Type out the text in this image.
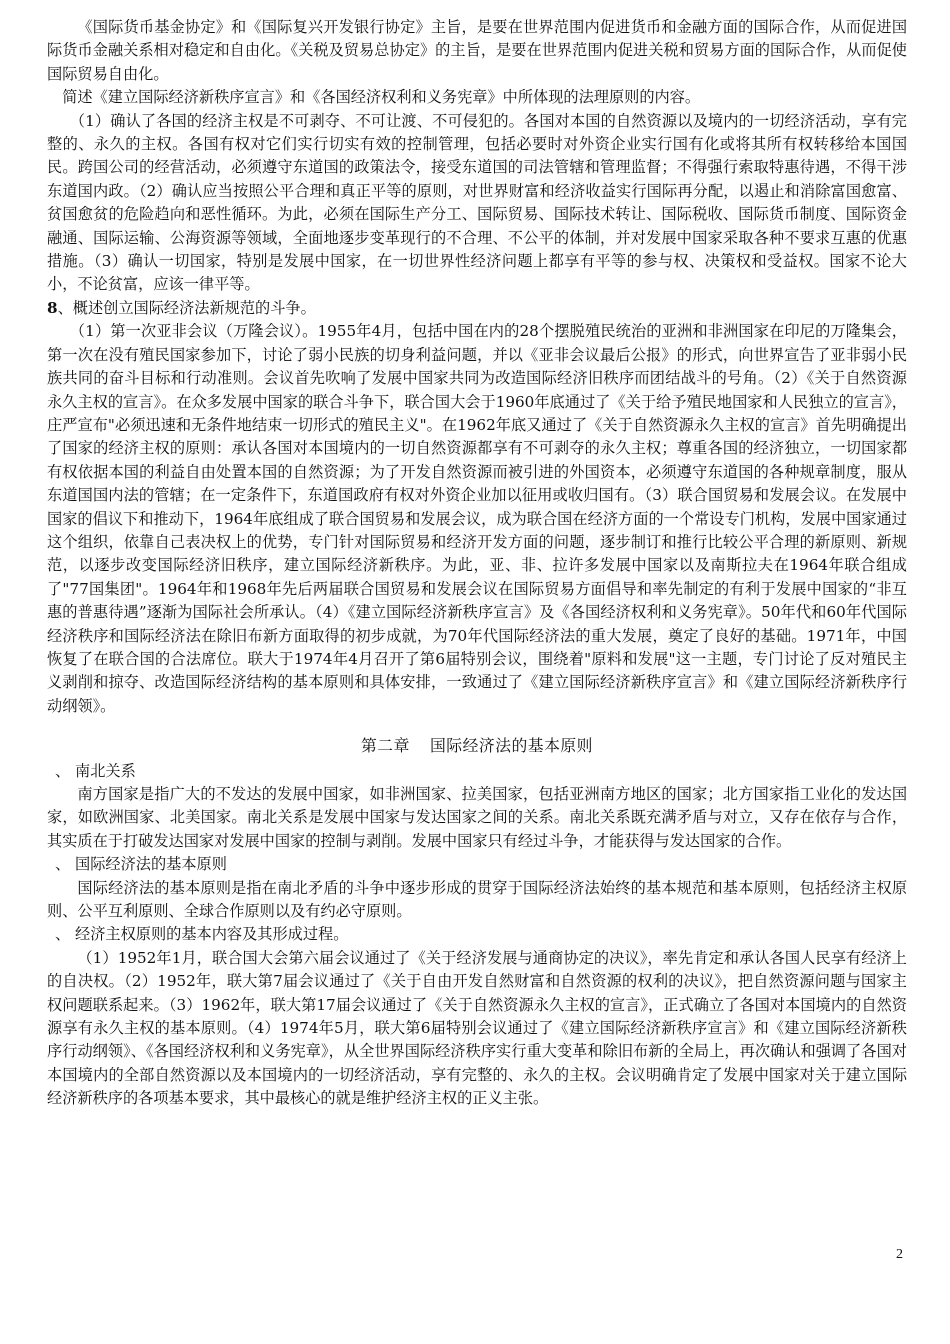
《国际货币基金协定》和《国际复兴开发银行协定》主旨，是要在世界范围内促进货币和金融方面的国际合作，从而促进国际货币金融关系相对稳定和自由化。《关税及贸易总协定》的主旨，是要在世界范围内促进关税和贸易方面的国际合作，从而促使国际贸易自由化。

简述《建立国际经济新秩序宣言》和《各国经济权利和义务宪章》中所体现的法理原则的内容。

（1）确认了各国的经济主权是不可剥夺、不可让渡、不可侵犯的。各国对本国的自然资源以及境内的一切经济活动，享有完整的、永久的主权。各国有权对它们实行切实有效的控制管理，包括必要时对外资企业实行国有化或将其所有权转移给本国国民。跨国公司的经营活动，必须遵守东道国的政策法令，接受东道国的司法管辖和管理监督；不得强行索取特惠待遇，不得干涉东道国内政。（2）确认应当按照公平合理和真正平等的原则，对世界财富和经济收益实行国际再分配，以遏止和消除富国愈富、贫国愈贫的危险趋向和恶性循环。为此，必须在国际生产分工、国际贸易、国际技术转让、国际税收、国际货币制度、国际资金融通、国际运输、公海资源等领域，全面地逐步变革现行的不合理、不公平的体制，并对发展中国家采取各种不要求互惠的优惠措施。（3）确认一切国家，特别是发展中国家，在一切世界性经济问题上都享有平等的参与权、决策权和受益权。国家不论大小，不论贫富，应该一律平等。

8、概述创立国际经济法新规范的斗争。

（1）第一次亚非会议（万隆会议）。1955年4月，包括中国在内的28个摆脱殖民统治的亚洲和非洲国家在印尼的万隆集会，第一次在没有殖民国家参加下，讨论了弱小民族的切身利益问题，并以《亚非会议最后公报》的形式，向世界宣告了亚非弱小民族共同的奋斗目标和行动准则。会议首先吹响了发展中国家共同为改造国际经济旧秩序而团结战斗的号角。（2）《关于自然资源永久主权的宣言》。在众多发展中国家的联合斗争下，联合国大会于1960年底通过了《关于给予殖民地国家和人民独立的宣言》，庄严宣布"必须迅速和无条件地结束一切形式的殖民主义"。在1962年底又通过了《关于自然资源永久主权的宣言》首先明确提出了国家的经济主权的原则：承认各国对本国境内的一切自然资源都享有不可剥夺的永久主权；尊重各国的经济独立，一切国家都有权依据本国的利益自由处置本国的自然资源；为了开发自然资源而被引进的外国资本，必须遵守东道国的各种规章制度，服从东道国国内法的管辖；在一定条件下，东道国政府有权对外资企业加以征用或收归国有。（3）联合国贸易和发展会议。在发展中国家的倡议下和推动下，1964年底组成了联合国贸易和发展会议，成为联合国在经济方面的一个常设专门机构，发展中国家通过这个组织，依靠自己表决权上的优势，专门针对国际贸易和经济开发方面的问题，逐步制订和推行比较公平合理的新原则、新规范，以逐步改变国际经济旧秩序，建立国际经济新秩序。为此，亚、非、拉许多发展中国家以及南斯拉夫在1964年联合组成了"77国集团"。1964年和1968年先后两届联合国贸易和发展会议在国际贸易方面倡导和率先制定的有利于发展中国家的“非互惠的普惠待遇”逐渐为国际社会所承认。（4）《建立国际经济新秩序宣言》及《各国经济权利和义务宪章》。50年代和60年代国际经济秩序和国际经济法在除旧布新方面取得的初步成就，为70年代国际经济法的重大发展，奠定了良好的基础。1971年，中国恢复了在联合国的合法席位。联大于1974年4月召开了第6届特别会议，围绕着"原料和发展"这一主题，专门讨论了反对殖民主义剥削和掠夺、改造国际经济结构的基本原则和具体安排，一致通过了《建立国际经济新秩序宣言》和《建立国际经济新秩序行动纲领》。

第二章 国际经济法的基本原则

、 南北关系

南方国家是指广大的不发达的发展中国家，如非洲国家、拉美国家，包括亚洲南方地区的国家；北方国家指工业化的发达国家，如欧洲国家、北美国家。南北关系是发展中国家与发达国家之间的关系。南北关系既充满矛盾与对立，又存在依存与合作，其实质在于打破发达国家对发展中国家的控制与剥削。发展中国家只有经过斗争，才能获得与发达国家的合作。

、 国际经济法的基本原则

国际经济法的基本原则是指在南北矛盾的斗争中逐步形成的贯穿于国际经济法始终的基本规范和基本原则，包括经济主权原则、公平互利原则、全球合作原则以及有约必守原则。

、 经济主权原则的基本内容及其形成过程。

（1）1952年1月，联合国大会第六届会议通过了《关于经济发展与通商协定的决议》，率先肯定和承认各国人民享有经济上的自决权。（2）1952年，联大第7届会议通过了《关于自由开发自然财富和自然资源的权利的决议》，把自然资源问题与国家主权问题联系起来。（3）1962年，联大第17届会议通过了《关于自然资源永久主权的宣言》，正式确立了各国对本国境内的自然资源享有永久主权的基本原则。（4）1974年5月，联大第6届特别会议通过了《建立国际经济新秩序宣言》和《建立国际经济新秩序行动纲领》、《各国经济权利和义务宪章》，从全世界国际经济秩序实行重大变革和除旧布新的全局上，再次确认和强调了各国对本国境内的全部自然资源以及本国境内的一切经济活动，享有完整的、永久的主权。会议明确肯定了发展中国家对关于建立国际经济新秩序的各项基本要求，其中最核心的就是维护经济主权的正义主张。

2
